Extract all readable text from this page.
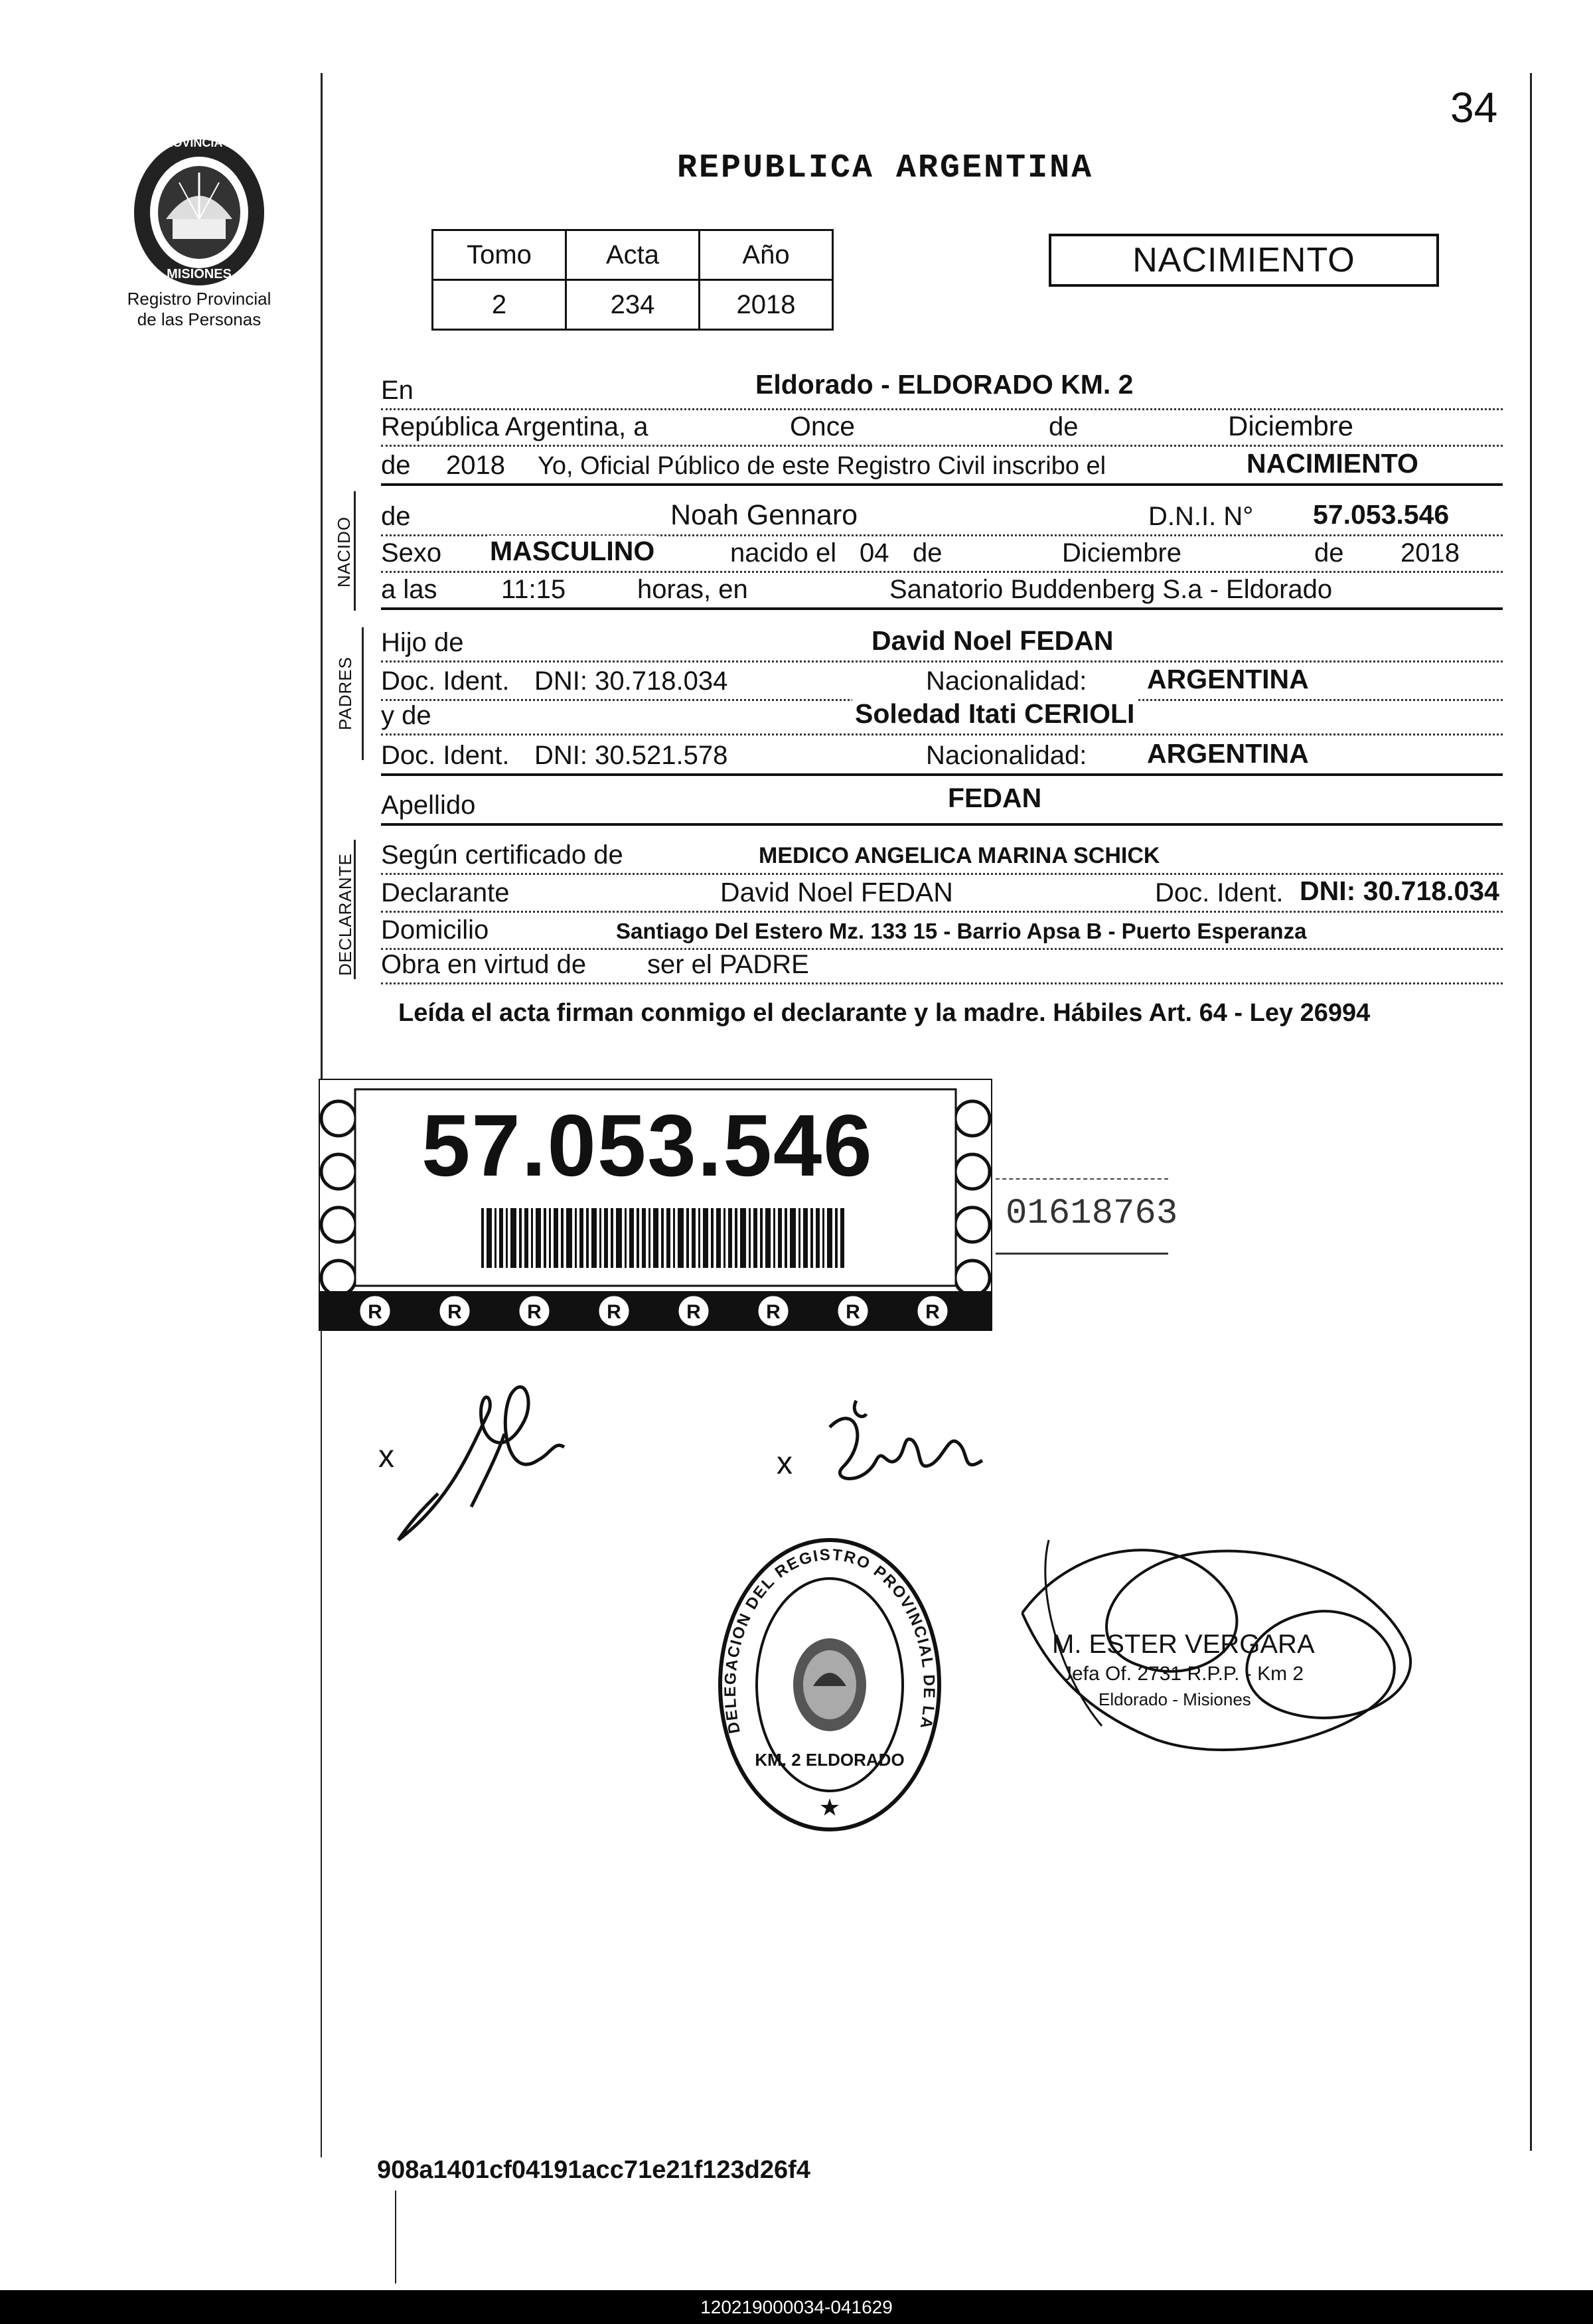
34
PROVINCIA DE
MISIONES
Registro Provincial
de las Personas
REPUBLICA ARGENTINA
Tomo	Acta	Año
2	234	2018
NACIMIENTO
En	Eldorado - ELDORADO KM. 2
República Argentina, a	Once	de	Diciembre
de 2018 Yo, Oficial Público de este Registro Civil inscribo el	NACIMIENTO
NACIDO de	Noah Gennaro	D.N.I. N° 57.053.546
Sexo MASCULINO	nacido el 04 de	Diciembre	de 2018
a las 11:15	horas, en	Sanatorio Buddenberg S.a - Eldorado
PADRES
Hijo de	David Noel FEDAN
Doc. Ident. DNI: 30.718.034	Nacionalidad: ARGENTINA
y de	Soledad Itati CERIOLI
Doc. Ident. DNI: 30.521.578	Nacionalidad: ARGENTINA
Apellido	FEDAN
DECLARANTE Según certificado de	MEDICO ANGELICA MARINA SCHICK
Declarante	David Noel FEDAN	Doc. Ident. DNI: 30.718.034
Domicilio	Santiago Del Estero Mz. 133 15 - Barrio Apsa B - Puerto Esperanza
Obra en virtud de ser el PADRE
Leída el acta firman conmigo el declarante y la madre. Hábiles Art. 64 - Ley 26994
R	R	R	R	R	R	R	R
57.053.546
01618763
x	x
★
DELEGACION DEL REGISTRO PROVINCIAL DE LA
KM. 2 ELDORADO
M. ESTER VERGARA
Jefa Of. 2731 R.P.P. - Km 2
Eldorado - Misiones
908a1401cf04191acc71e21f123d26f4
120219000034-041629
